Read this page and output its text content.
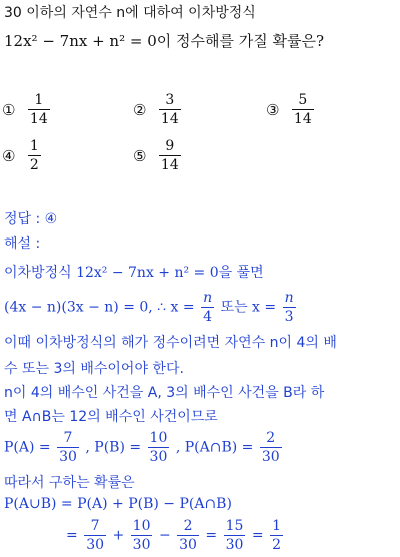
30 이하의 자연수 n에 대하여 이차방정식
12x² − 7nx + n² = 0이 정수해를 가질 확률은?
① $\frac{1}{14}$	② $\frac{3}{14}$	③ $\frac{5}{14}$
④ $\frac{1}{2}$	⑤ $\frac{9}{14}$
정답 : ④
해설 :
이차방정식 12x² − 7nx + n² = 0을 풀면
(4x − n)(3x − n) = 0, ∴ $x = \frac{n}{4}$ 또는 $x = \frac{n}{3}$
이때 이차방정식의 해가 정수이려면 자연수 n이 4의 배
수 또는 3의 배수이어야 한다.
n이 4의 배수인 사건을 A, 3의 배수인 사건을 B라 하
면 A∩B는 12의 배수인 사건이므로
$P(A) = \frac{7}{30}$ , $P(B) = \frac{10}{30}$ , P(A∩B) = $\frac{2}{30}$
따라서 구하는 확률은
P(A∪B) = P(A) + P(B) − P(A∩B)
= $\frac{7}{30} + \frac{10}{30} - \frac{2}{30} = \frac{15}{30} = \frac{1}{2}$
